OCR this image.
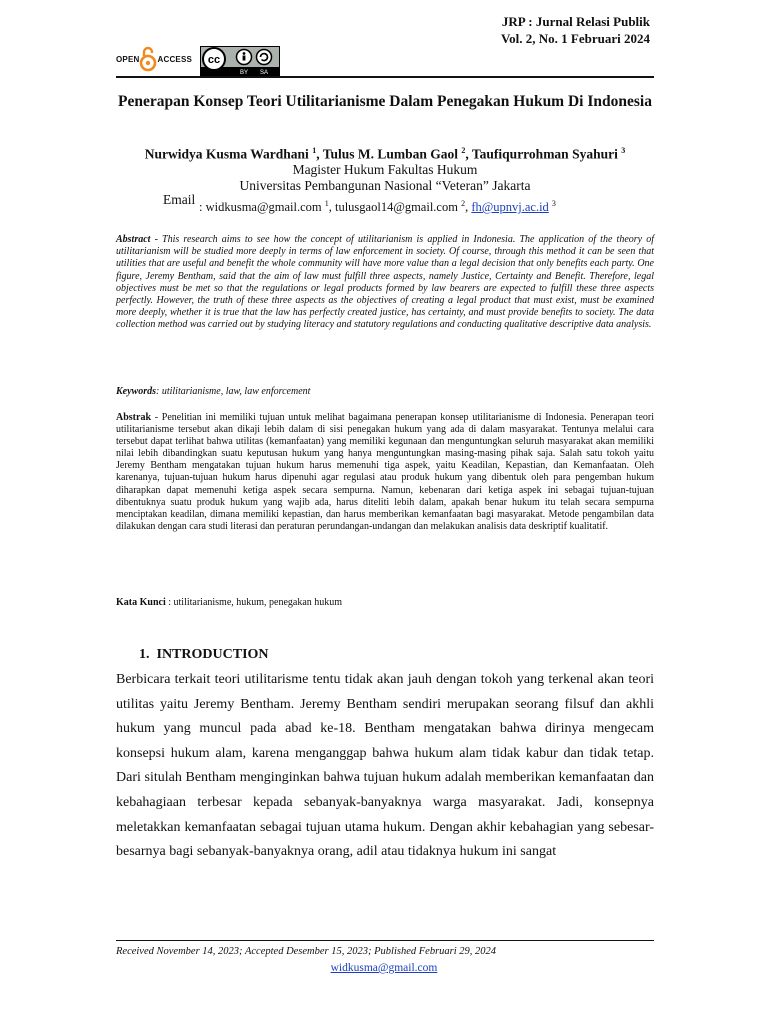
JRP : Jurnal Relasi Publik
Vol. 2, No. 1 Februari 2024
OPEN ACCESS cc
BY SA
Penerapan Konsep Teori Utilitarianisme Dalam Penegakan Hukum Di Indonesia
Nurwidya Kusma Wardhani $^1$, Tulus M. Lumban Gaol $^2$, Taufiqurrohman Syahuri $^3$
Magister Hukum Fakultas Hukum
Universitas Pembangunan Nasional “Veteran” Jakarta
Email
: widkusma@gmail.com $^1$, tulusgaol14@gmail.com $^2$, fh@upnvj.ac.id $^3$
Abstract - This research aims to see how the concept of utilitarianism is applied in Indonesia. The application of the theory of utilitarianism will be studied more deeply in terms of law enforcement in society. Of course, through this method it can be seen that utilities that are useful and benefit the whole community will have more value than a legal decision that only benefits each party. One figure, Jeremy Bentham, said that the aim of law must fulfill three aspects, namely Justice, Certainty and Benefit. Therefore, legal objectives must be met so that the regulations or legal products formed by law bearers are expected to fulfill these three aspects perfectly. However, the truth of these three aspects as the objectives of creating a legal product that must exist, must be examined more deeply, whether it is true that the law has perfectly created justice, has certainty, and must provide benefits to society. The data collection method was carried out by studying literacy and statutory regulations and conducting qualitative descriptive data analysis.
Keywords: utilitarianisme, law, law enforcement
Abstrak - Penelitian ini memiliki tujuan untuk melihat bagaimana penerapan konsep utilitarianisme di Indonesia. Penerapan teori utilitarianisme tersebut akan dikaji lebih dalam di sisi penegakan hukum yang ada di dalam masyarakat. Tentunya melalui cara tersebut dapat terlihat bahwa utilitas (kemanfaatan) yang memiliki kegunaan dan menguntungkan seluruh masyarakat akan memiliki nilai lebih dibandingkan suatu keputusan hukum yang hanya menguntungkan masing-masing pihak saja. Salah satu tokoh yaitu Jeremy Bentham mengatakan tujuan hukum harus memenuhi tiga aspek, yaitu Keadilan, Kepastian, dan Kemanfaatan. Oleh karenanya, tujuan-tujuan hukum harus dipenuhi agar regulasi atau produk hukum yang dibentuk oleh para pengemban hukum diharapkan dapat memenuhi ketiga aspek secara sempurna. Namun, kebenaran dari ketiga aspek ini sebagai tujuan-tujuan dibentuknya suatu produk hukum yang wajib ada, harus diteliti lebih dalam, apakah benar hukum itu telah secara sempurna menciptakan keadilan, dimana memiliki kepastian, dan harus memberikan kemanfaatan bagi masyarakat. Metode pengambilan data dilakukan dengan cara studi literasi dan peraturan perundangan-undangan dan melakukan analisis data deskriptif kualitatif.
Kata Kunci : utilitarianisme, hukum, penegakan hukum
1.  INTRODUCTION
Berbicara terkait teori utilitarisme tentu tidak akan jauh dengan tokoh yang terkenal akan teori utilitas yaitu Jeremy Bentham. Jeremy Bentham sendiri merupakan seorang filsuf dan akhli hukum yang muncul pada abad ke-18. Bentham mengatakan bahwa dirinya mengecam konsepsi hukum alam, karena menganggap bahwa hukum alam tidak kabur dan tidak tetap. Dari situlah Bentham menginginkan bahwa tujuan hukum adalah memberikan kemanfaatan dan kebahagiaan terbesar kepada sebanyak-banyaknya warga masyarakat. Jadi, konsepnya meletakkan kemanfaatan sebagai tujuan utama hukum. Dengan akhir kebahagian yang sebesar-besarnya bagi sebanyak-banyaknya orang, adil atau tidaknya hukum ini sangat
Received November 14, 2023; Accepted Desember 15, 2023; Published Februari 29, 2024
widkusma@gmail.com
